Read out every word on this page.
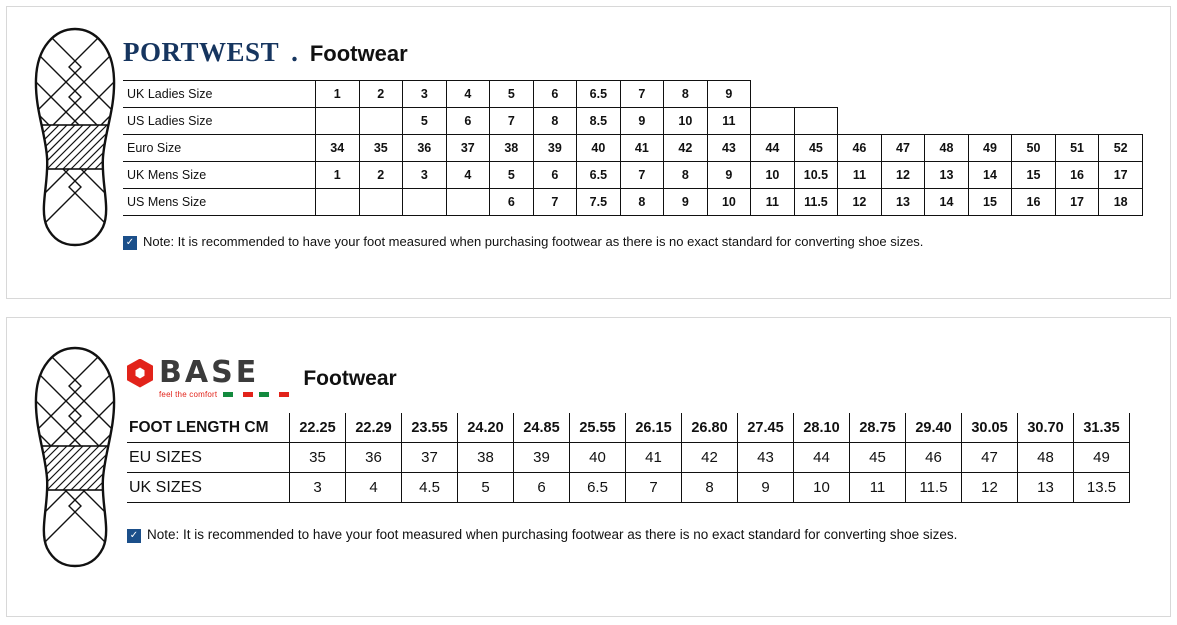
PORTWEST . Footwear
UK Ladies Size	1	2	3	4	5	6	6.5	7	8	9									
US Ladies Size			5	6	7	8	8.5	9	10	11									
Euro Size	34	35	36	37	38	39	40	41	42	43	44	45	46	47	48	49	50	51	52
UK Mens Size	1	2	3	4	5	6	6.5	7	8	9	10	10.5	11	12	13	14	15	16	17
US Mens Size					6	7	7.5	8	9	10	11	11.5	12	13	14	15	16	17	18
✓ Note: It is recommended to have your foot measured when purchasing footwear as there is no exact standard for converting shoe sizes.
BASE
feel the comfort
Footwear
FOOT LENGTH CM	22.25	22.29	23.55	24.20	24.85	25.55	26.15	26.80	27.45	28.10	28.75	29.40	30.05	30.70	31.35
EU SIZES	35	36	37	38	39	40	41	42	43	44	45	46	47	48	49
UK SIZES	3	4	4.5	5	6	6.5	7	8	9	10	11	11.5	12	13	13.5
✓ Note: It is recommended to have your foot measured when purchasing footwear as there is no exact standard for converting shoe sizes.
